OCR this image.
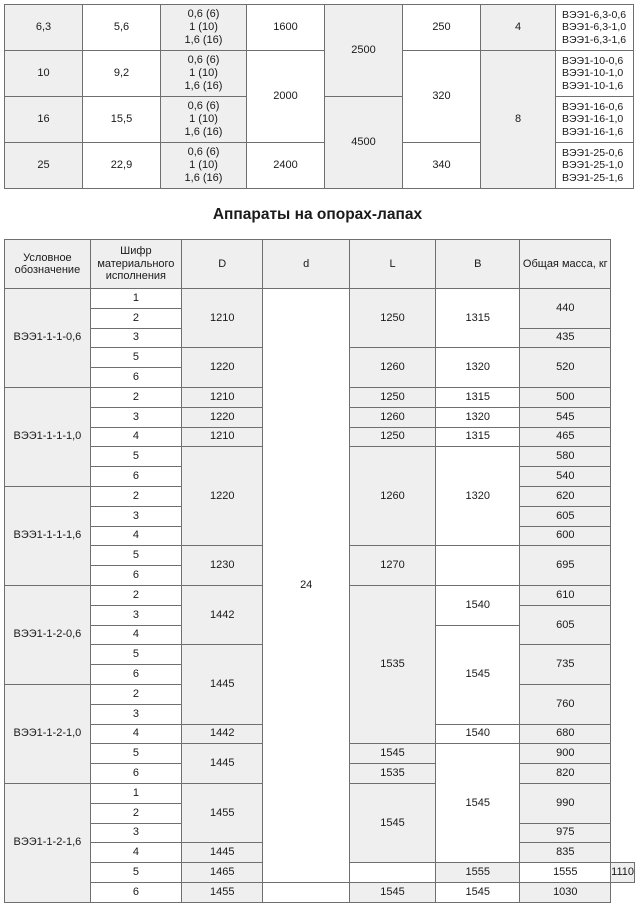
6,3	5,6	0,6 (6)
1 (10)
1,6 (16)	1600	2500	250	4	ВЭЭ1-6,3-0,6
ВЭЭ1-6,3-1,0
ВЭЭ1-6,3-1,6
10	9,2	0,6 (6)
1 (10)
1,6 (16)	2000		320	8	ВЭЭ1-10-0,6
ВЭЭ1-10-1,0
ВЭЭ1-10-1,6
16	15,5	0,6 (6)
1 (10)
1,6 (16)		4500			ВЭЭ1-16-0,6
ВЭЭ1-16-1,0
ВЭЭ1-16-1,6
25	22,9	0,6 (6)
1 (10)
1,6 (16)	2400		340		ВЭЭ1-25-0,6
ВЭЭ1-25-1,0
ВЭЭ1-25-1,6
Аппараты на опорах-лапах
Условное обозначение	Шифр материального исполнения	D	d	L	B	Общая масса, кг	
ВЭЭ1-1-1-0,6	1	1210	24	1250	1315	440	
	2						
	3					435	
	5	1220		1260	1320	520	
	6						
ВЭЭ1-1-1-1,0	2	1210		1250	1315	500	
	3	1220		1260	1320	545	
	4	1210		1250	1315	465	
	5	1220		1260	1320	580	
	6					540	
ВЭЭ1-1-1-1,6	2					620	
	3					605	
	4					600	
	5	1230		1270		695	
	6						
ВЭЭ1-1-2-0,6	2	1442		1535	1540	610	
	3					605	
	4				1545		
	5	1445				735	
	6						
ВЭЭ1-1-2-1,0	2					760	
	3						
	4	1442			1540	680	
	5	1445		1545	1545	900	
	6			1535		820	
ВЭЭ1-1-2-1,6	1	1455		1545		990	
	2						
	3					975	
	4	1445				835	
	5	1465			1555	1555	1110
	6	1455		1545	1545	1030	
